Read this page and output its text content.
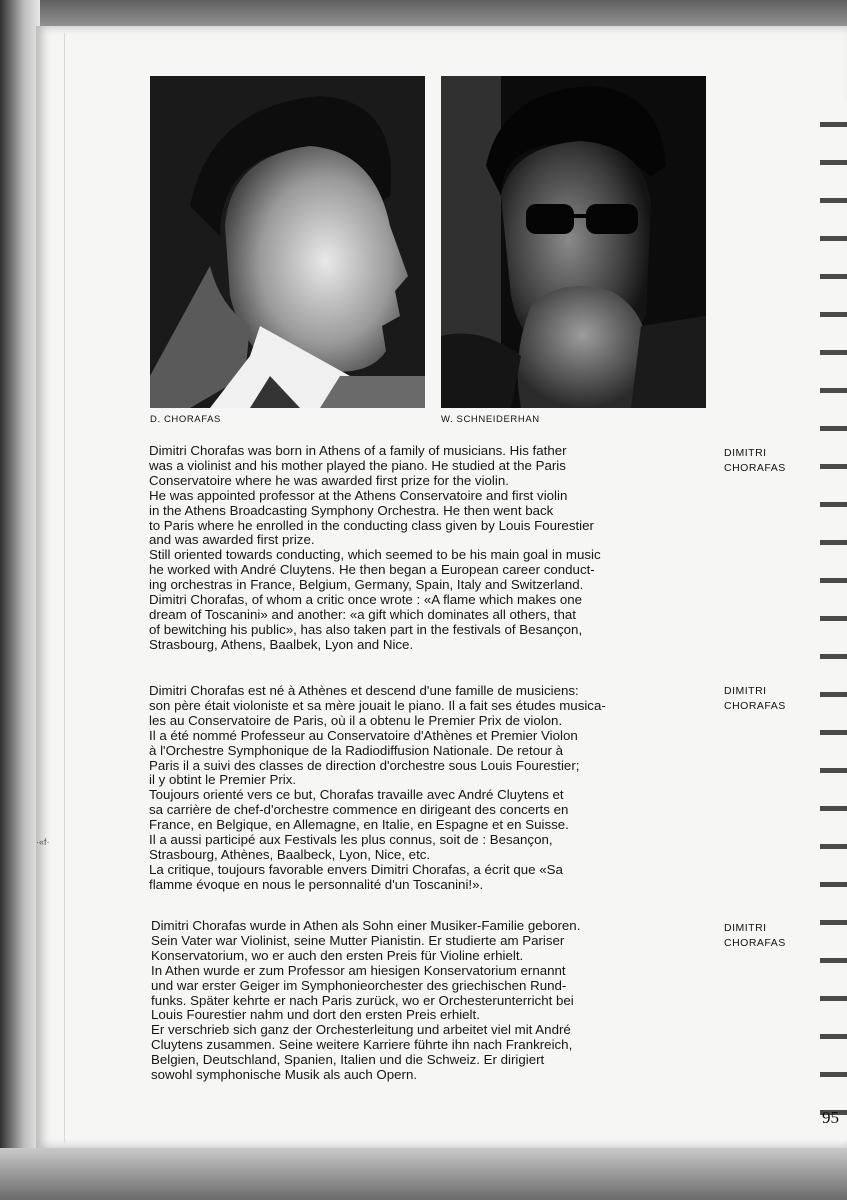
D. CHORAFAS	W. SCHNEIDERHAN
Dimitri Chorafas was born in Athens of a family of musicians. His father
was a violinist and his mother played the piano. He studied at the Paris
Conservatoire where he was awarded first prize for the violin.
He was appointed professor at the Athens Conservatoire and first violin
in the Athens Broadcasting Symphony Orchestra. He then went back
to Paris where he enrolled in the conducting class given by Louis Fourestier
and was awarded first prize.
Still oriented towards conducting, which seemed to be his main goal in music
he worked with André Cluytens. He then began a European career conduct-
ing orchestras in France, Belgium, Germany, Spain, Italy and Switzerland.
Dimitri Chorafas, of whom a critic once wrote : «A flame which makes one
dream of Toscanini» and another: «a gift which dominates all others, that
of bewitching his public», has also taken part in the festivals of Besançon,
Strasbourg, Athens, Baalbek, Lyon and Nice.
DIMITRI
CHORAFAS
Dimitri Chorafas est né à Athènes et descend d'une famille de musiciens:
son père était violoniste et sa mère jouait le piano. Il a fait ses études musica-
les au Conservatoire de Paris, où il a obtenu le Premier Prix de violon.
Il a été nommé Professeur au Conservatoire d'Athènes et Premier Violon
à l'Orchestre Symphonique de la Radiodiffusion Nationale. De retour à
Paris il a suivi des classes de direction d'orchestre sous Louis Fourestier;
il y obtint le Premier Prix.
Toujours orienté vers ce but, Chorafas travaille avec André Cluytens et
sa carrière de chef-d'orchestre commence en dirigeant des concerts en
France, en Belgique, en Allemagne, en Italie, en Espagne et en Suisse.
Il a aussi participé aux Festivals les plus connus, soit de : Besançon,
Strasbourg, Athènes, Baalbeck, Lyon, Nice, etc.
La critique, toujours favorable envers Dimitri Chorafas, a écrit que «Sa
flamme évoque en nous le personnalité d'un Toscanini!».
DIMITRI
CHORAFAS
Dimitri Chorafas wurde in Athen als Sohn einer Musiker-Familie geboren.
Sein Vater war Violinist, seine Mutter Pianistin. Er studierte am Pariser
Konservatorium, wo er auch den ersten Preis für Violine erhielt.
In Athen wurde er zum Professor am hiesigen Konservatorium ernannt
und war erster Geiger im Symphonieorchester des griechischen Rund-
funks. Später kehrte er nach Paris zurück, wo er Orchesterunterricht bei
Louis Fourestier nahm und dort den ersten Preis erhielt.
Er verschrieb sich ganz der Orchesterleitung und arbeitet viel mit André
Cluytens zusammen. Seine weitere Karriere führte ihn nach Frankreich,
Belgien, Deutschland, Spanien, Italien und die Schweiz. Er dirigiert
sowohl symphonische Musik als auch Opern.
DIMITRI
CHORAFAS
·«f·
95
